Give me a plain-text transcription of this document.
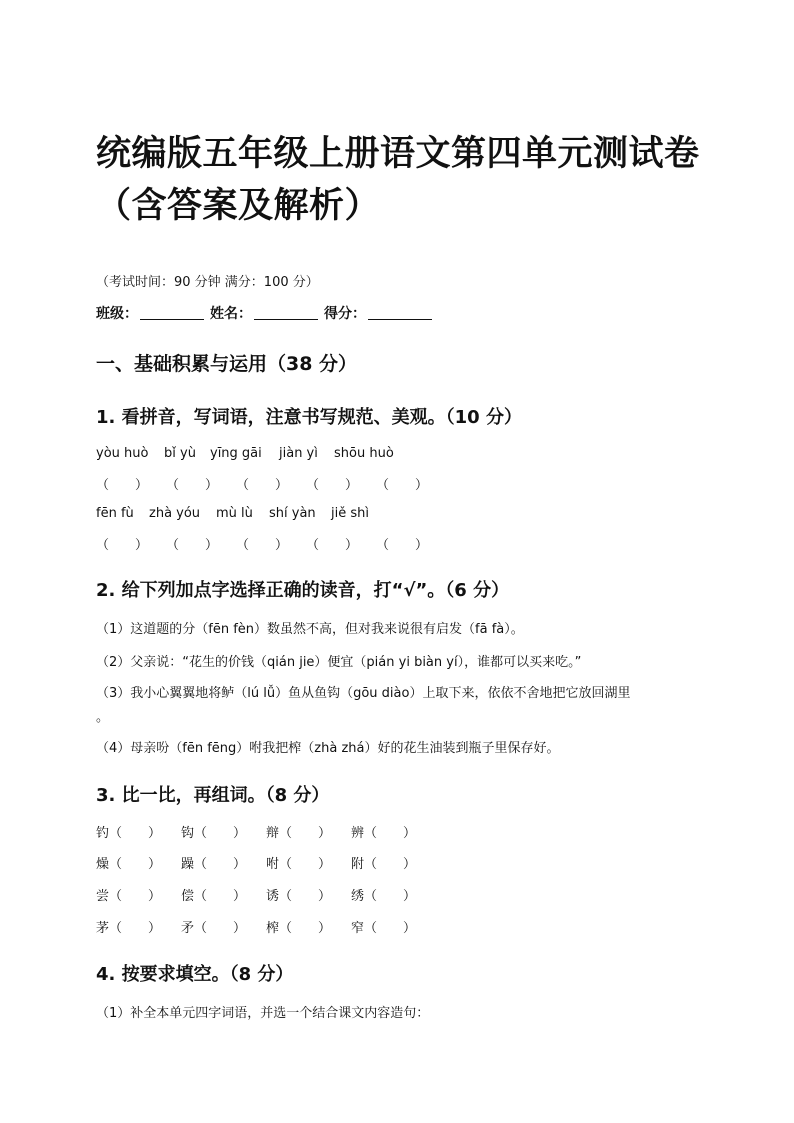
统编版五年级上册语文第四单元测试卷
（含答案及解析）
（考试时间：90 分钟 满分：100 分）
班级：	姓名：	得分：
一、基础积累与运用（38 分）
1. 看拼音，写词语，注意书写规范、美观。（10 分）
yòu huò bǐ yù yīng gāi jiàn yì shōu huò
（　　） （　　） （　　） （　　） （　　）
fēn fù zhà yóu mù lù shí yàn jiě shì
（　　） （　　） （　　） （　　） （　　）
2. 给下列加点字选择正确的读音，打“√”。（6 分）
（1）这道题的分（fēn fèn）数虽然不高，但对我来说很有启发（fā fà）。
（2）父亲说：“花生的价钱（qián jie）便宜（pián yi biàn yí），谁都可以买来吃。”
（3）我小心翼翼地将鲈（lú lǚ）鱼从鱼钩（gōu diào）上取下来，依依不舍地把它放回湖里
。
（4）母亲吩（fēn fēng）咐我把榨（zhà zhá）好的花生油装到瓶子里保存好。
3. 比一比，再组词。（8 分）
钓（　　） 钩（　　） 辩（　　） 辨（　　）
燥（　　） 躁（　　） 咐（　　） 附（　　）
尝（　　） 偿（　　） 诱（　　） 绣（　　）
茅（　　） 矛（　　） 榨（　　） 窄（　　）
4. 按要求填空。（8 分）
（1）补全本单元四字词语，并选一个结合课文内容造句：
